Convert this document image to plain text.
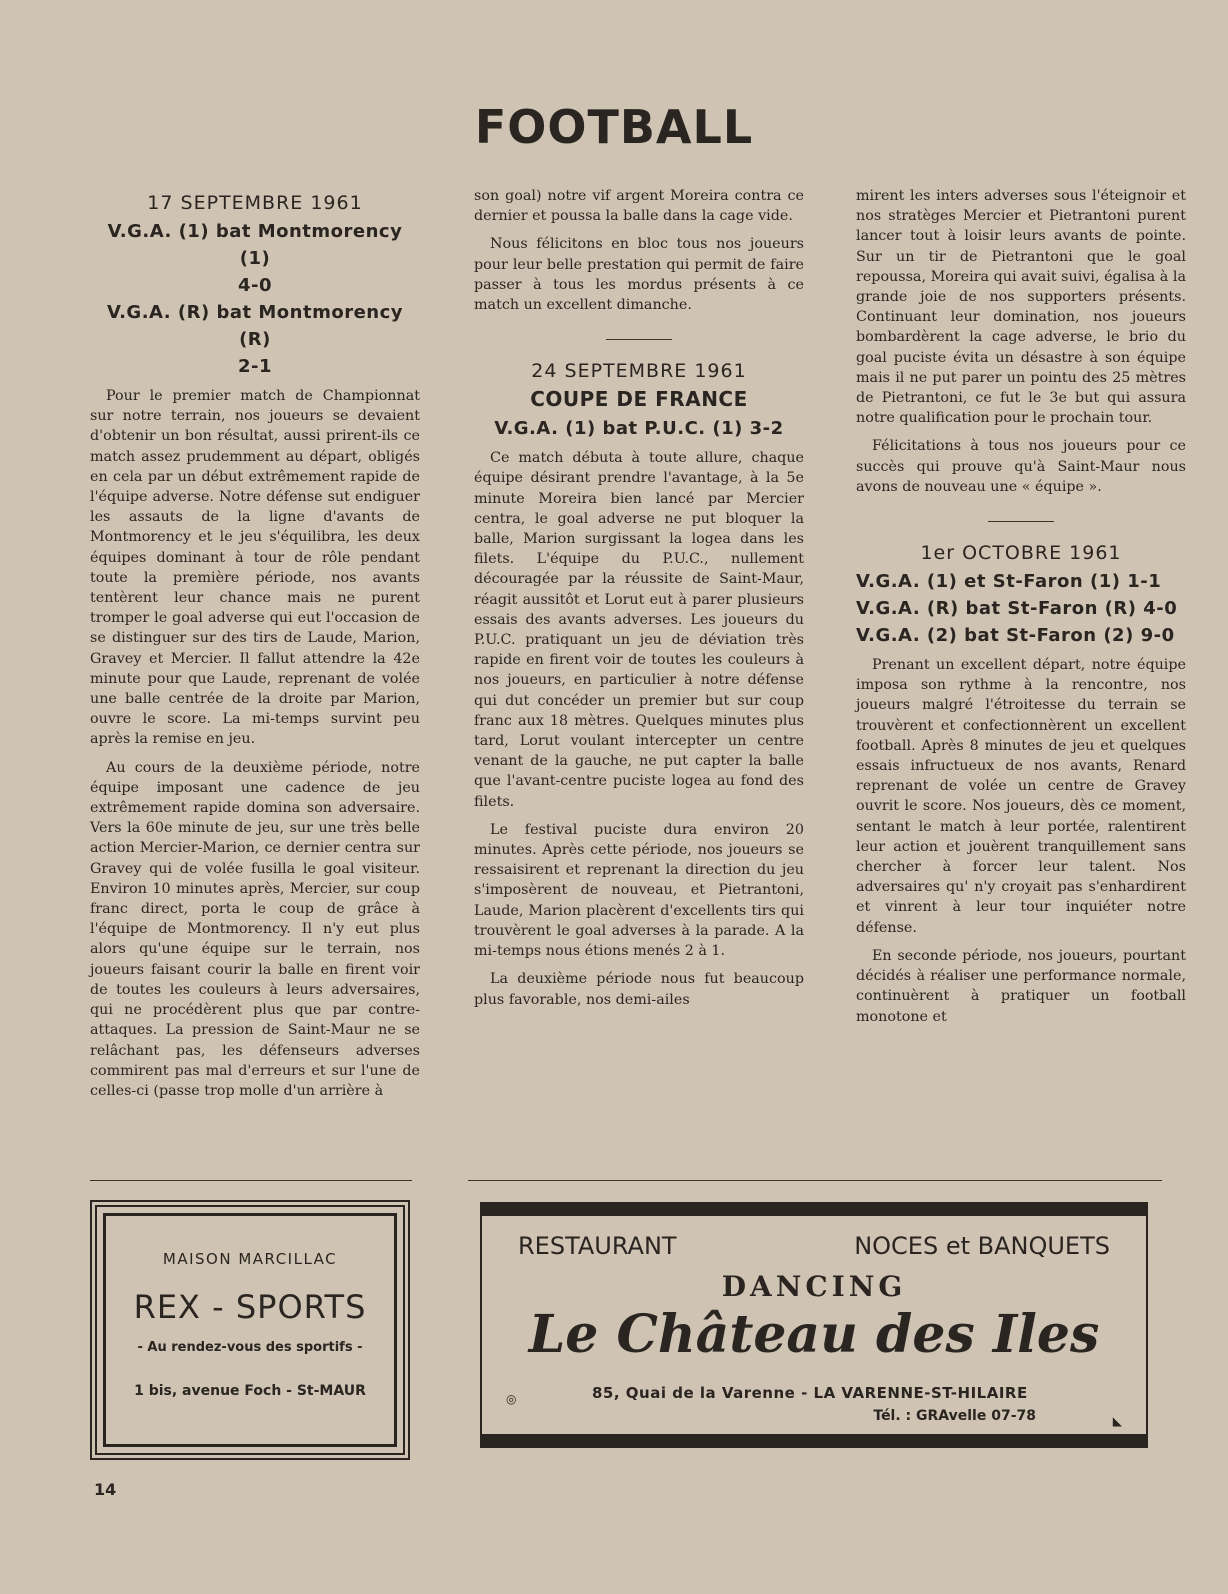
FOOTBALL
17 SEPTEMBRE 1961
V.G.A. (1) bat Montmorency (1)
4-0
V.G.A. (R) bat Montmorency (R)
2-1

Pour le premier match de Championnat sur notre terrain, nos joueurs se devaient d'obtenir un bon résultat, aussi prirent-ils ce match assez prudemment au départ, obligés en cela par un début extrêmement rapide de l'équipe adverse. Notre défense sut endiguer les assauts de la ligne d'avants de Montmorency et le jeu s'équilibra, les deux équipes dominant à tour de rôle pendant toute la première période, nos avants tentèrent leur chance mais ne purent tromper le goal adverse qui eut l'occasion de se distinguer sur des tirs de Laude, Marion, Gravey et Mercier. Il fallut attendre la 42e minute pour que Laude, reprenant de volée une balle centrée de la droite par Marion, ouvre le score. La mi-temps survint peu après la remise en jeu.

Au cours de la deuxième période, notre équipe imposant une cadence de jeu extrêmement rapide domina son adversaire. Vers la 60e minute de jeu, sur une très belle action Mercier-Marion, ce dernier centra sur Gravey qui de volée fusilla le goal visiteur. Environ 10 minutes après, Mercier, sur coup franc direct, porta le coup de grâce à l'équipe de Montmorency. Il n'y eut plus alors qu'une équipe sur le terrain, nos joueurs faisant courir la balle en firent voir de toutes les couleurs à leurs adversaires, qui ne procédèrent plus que par contre-attaques. La pression de Saint-Maur ne se relâchant pas, les défenseurs adverses commirent pas mal d'erreurs et sur l'une de celles-ci (passe trop molle d'un arrière à

son goal) notre vif argent Moreira contra ce dernier et poussa la balle dans la cage vide.

Nous félicitons en bloc tous nos joueurs pour leur belle prestation qui permit de faire passer à tous les mordus présents à ce match un excellent dimanche.

24 SEPTEMBRE 1961
COUPE DE FRANCE
V.G.A. (1) bat P.U.C. (1) 3-2

Ce match débuta à toute allure, chaque équipe désirant prendre l'avantage, à la 5e minute Moreira bien lancé par Mercier centra, le goal adverse ne put bloquer la balle, Marion surgissant la logea dans les filets. L'équipe du P.U.C., nullement découragée par la réussite de Saint-Maur, réagit aussitôt et Lorut eut à parer plusieurs essais des avants adverses. Les joueurs du P.U.C. pratiquant un jeu de déviation très rapide en firent voir de toutes les couleurs à nos joueurs, en particulier à notre défense qui dut concéder un premier but sur coup franc aux 18 mètres. Quelques minutes plus tard, Lorut voulant intercepter un centre venant de la gauche, ne put capter la balle que l'avant-centre puciste logea au fond des filets.

Le festival puciste dura environ 20 minutes. Après cette période, nos joueurs se ressaisirent et reprenant la direction du jeu s'imposèrent de nouveau, et Pietrantoni, Laude, Marion placèrent d'excellents tirs qui trouvèrent le goal adverses à la parade. A la mi-temps nous étions menés 2 à 1.

La deuxième période nous fut beaucoup plus favorable, nos demi-ailes

mirent les inters adverses sous l'éteignoir et nos stratèges Mercier et Pietrantoni purent lancer tout à loisir leurs avants de pointe. Sur un tir de Pietrantoni que le goal repoussa, Moreira qui avait suivi, égalisa à la grande joie de nos supporters présents. Continuant leur domination, nos joueurs bombardèrent la cage adverse, le brio du goal puciste évita un désastre à son équipe mais il ne put parer un pointu des 25 mètres de Pietrantoni, ce fut le 3e but qui assura notre qualification pour le prochain tour.

Félicitations à tous nos joueurs pour ce succès qui prouve qu'à Saint-Maur nous avons de nouveau une « équipe ».

1er OCTOBRE 1961
V.G.A. (1) et St-Faron (1) 1-1
V.G.A. (R) bat St-Faron (R) 4-0
V.G.A. (2) bat St-Faron (2) 9-0

Prenant un excellent départ, notre équipe imposa son rythme à la rencontre, nos joueurs malgré l'étroitesse du terrain se trouvèrent et confectionnèrent un excellent football. Après 8 minutes de jeu et quelques essais infructueux de nos avants, Renard reprenant de volée un centre de Gravey ouvrit le score. Nos joueurs, dès ce moment, sentant le match à leur portée, ralentirent leur action et jouèrent tranquillement sans chercher à forcer leur talent. Nos adversaires qu' n'y croyait pas s'enhardirent et vinrent à leur tour inquiéter notre défense.

En seconde période, nos joueurs, pourtant décidés à réaliser une performance normale, continuèrent à pratiquer un football monotone et

MAISON MARCILLAC
REX - SPORTS
- Au rendez-vous des sportifs -
1 bis, avenue Foch - St-MAUR
RESTAURANT	NOCES et BANQUETS
DANCING
Le Château des Iles
◎	85, Quai de la Varenne - LA VARENNE-ST-HILAIRE
Tél. : GRAvelle 07-78	◣
14
